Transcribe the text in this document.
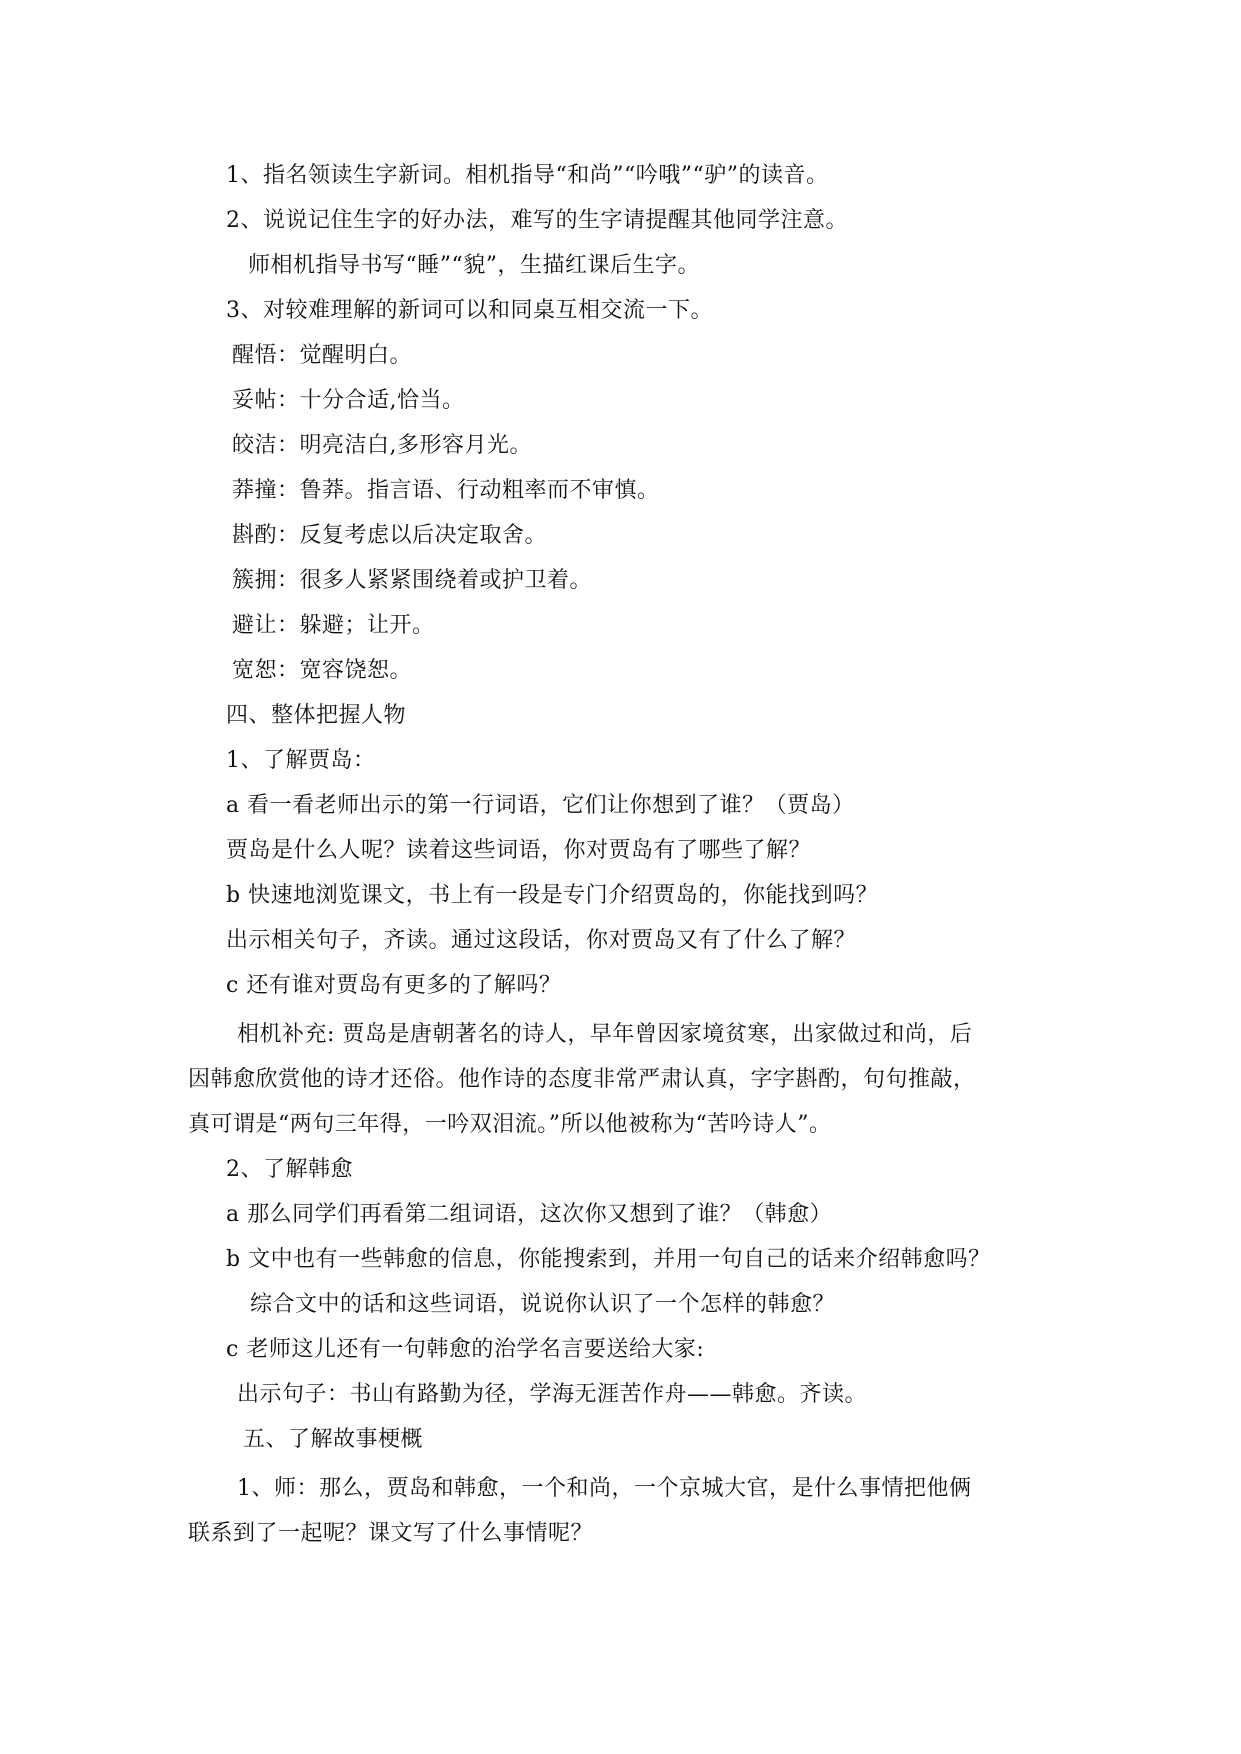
1、指名领读生字新词。相机指导“和尚”“吟哦”“驴”的读音。
2、说说记住生字的好办法，难写的生字请提醒其他同学注意。
师相机指导书写“睡”“貌”，生描红课后生字。
3、对较难理解的新词可以和同桌互相交流一下。
醒悟：觉醒明白。
妥帖：十分合适,恰当。
皎洁：明亮洁白,多形容月光。
莽撞：鲁莽。指言语、行动粗率而不审慎。
斟酌：反复考虑以后决定取舍。
簇拥：很多人紧紧围绕着或护卫着。
避让：躲避；让开。
宽恕：宽容饶恕。
四、整体把握人物
1、了解贾岛：
a 看一看老师出示的第一行词语，它们让你想到了谁？（贾岛）
贾岛是什么人呢？读着这些词语，你对贾岛有了哪些了解？
b 快速地浏览课文，书上有一段是专门介绍贾岛的，你能找到吗？
出示相关句子，齐读。通过这段话，你对贾岛又有了什么了解？
c 还有谁对贾岛有更多的了解吗？
相机补充: 贾岛是唐朝著名的诗人，早年曾因家境贫寒，出家做过和尚，后
因韩愈欣赏他的诗才还俗。他作诗的态度非常严肃认真，字字斟酌，句句推敲，
真可谓是“两句三年得，一吟双泪流。”所以他被称为“苦吟诗人”。
2、了解韩愈
a 那么同学们再看第二组词语，这次你又想到了谁？（韩愈）
b 文中也有一些韩愈的信息，你能搜索到，并用一句自己的话来介绍韩愈吗？
综合文中的话和这些词语，说说你认识了一个怎样的韩愈？
c 老师这儿还有一句韩愈的治学名言要送给大家:
出示句子：书山有路勤为径，学海无涯苦作舟——韩愈。齐读。
五、了解故事梗概
1、师：那么，贾岛和韩愈，一个和尚，一个京城大官，是什么事情把他俩
联系到了一起呢？课文写了什么事情呢？
